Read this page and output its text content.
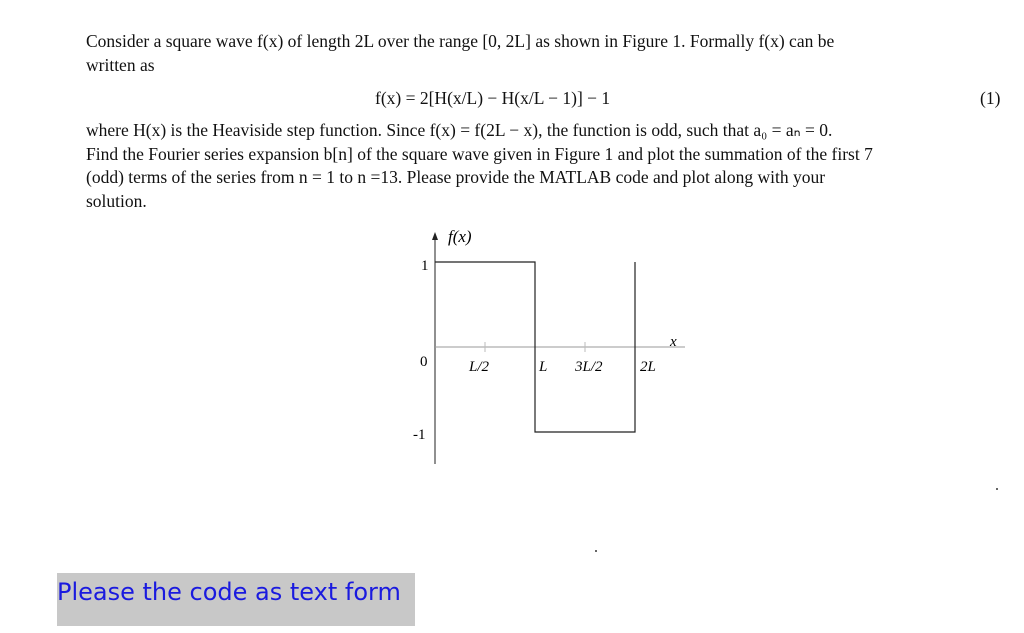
Consider a square wave f(x) of length 2L over the range [0, 2L] as shown in Figure 1. Formally f(x) can be
written as
f(x) = 2[H(x/L) − H(x/L − 1)] − 1	(1)
where H(x) is the Heaviside step function. Since f(x) = f(2L − x), the function is odd, such that a₀ = aₙ = 0.
Find the Fourier series expansion b[n] of the square wave given in Figure 1 and plot the summation of the first 7
(odd) terms of the series from n = 1 to n =13. Please provide the MATLAB code and plot along with your
solution.
f(x)
x
1
0
-1
L/2	L 3L/2 2L
Please the code as text form
